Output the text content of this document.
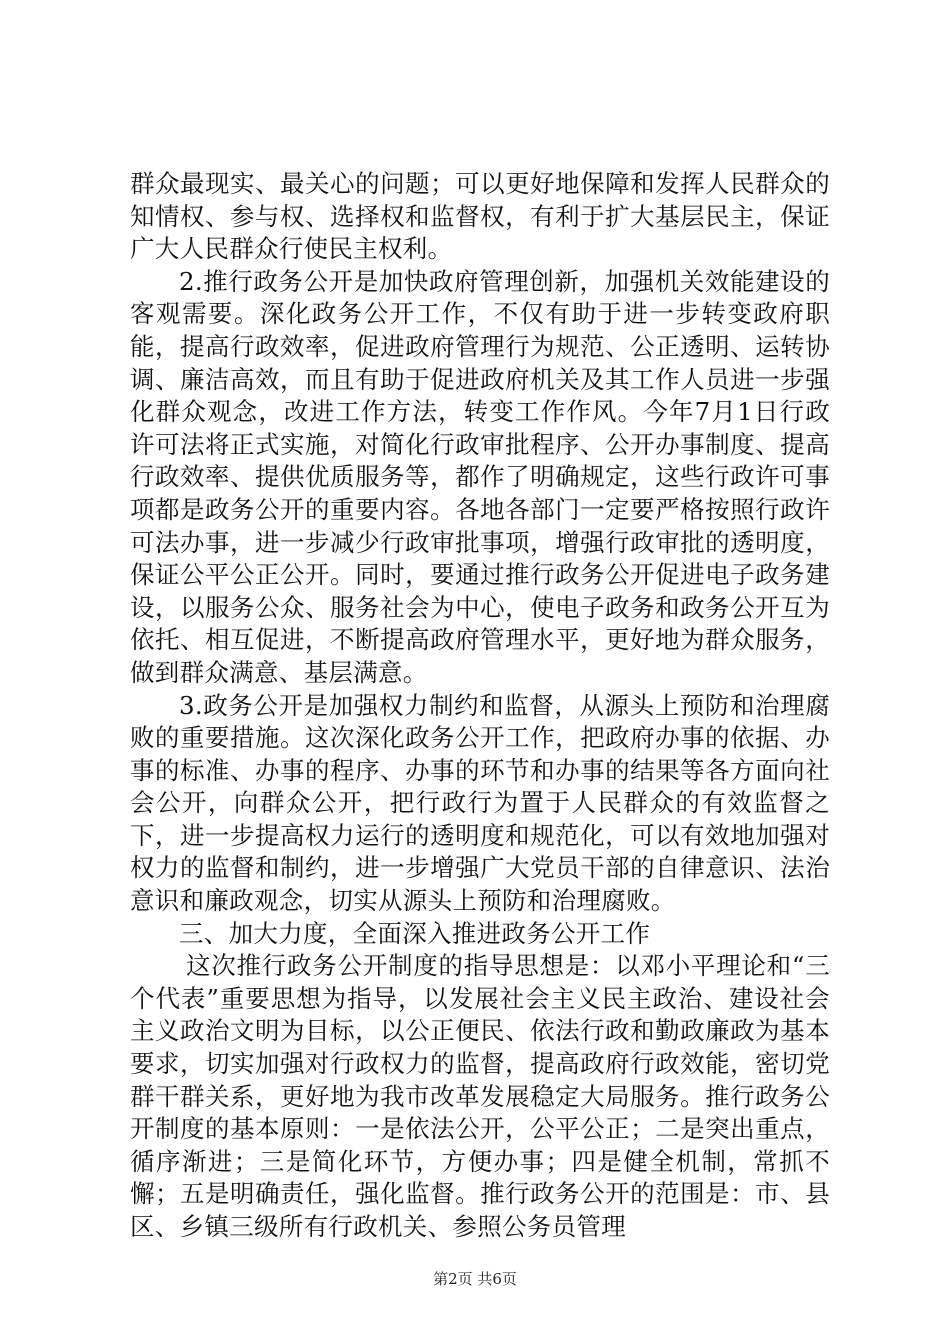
群众最现实、最关心的问题；可以更好地保障和发挥人民群众的知情权、参与权、选择权和监督权，有利于扩大基层民主，保证广大人民群众行使民主权利。

2.推行政务公开是加快政府管理创新，加强机关效能建设的客观需要。深化政务公开工作，不仅有助于进一步转变政府职能，提高行政效率，促进政府管理行为规范、公正透明、运转协调、廉洁高效，而且有助于促进政府机关及其工作人员进一步强化群众观念，改进工作方法，转变工作作风。今年7月1日行政许可法将正式实施，对简化行政审批程序、公开办事制度、提高行政效率、提供优质服务等，都作了明确规定，这些行政许可事项都是政务公开的重要内容。各地各部门一定要严格按照行政许可法办事，进一步减少行政审批事项，增强行政审批的透明度，保证公平公正公开。同时，要通过推行政务公开促进电子政务建设，以服务公众、服务社会为中心，使电子政务和政务公开互为依托、相互促进，不断提高政府管理水平，更好地为群众服务，做到群众满意、基层满意。

3.政务公开是加强权力制约和监督，从源头上预防和治理腐败的重要措施。这次深化政务公开工作，把政府办事的依据、办事的标准、办事的程序、办事的环节和办事的结果等各方面向社会公开，向群众公开，把行政行为置于人民群众的有效监督之下，进一步提高权力运行的透明度和规范化，可以有效地加强对权力的监督和制约，进一步增强广大党员干部的自律意识、法治意识和廉政观念，切实从源头上预防和治理腐败。

三、加大力度，全面深入推进政务公开工作

这次推行政务公开制度的指导思想是：以邓小平理论和“三个代表”重要思想为指导，以发展社会主义民主政治、建设社会主义政治文明为目标，以公正便民、依法行政和勤政廉政为基本要求，切实加强对行政权力的监督，提高政府行政效能，密切党群干群关系，更好地为我市改革发展稳定大局服务。推行政务公开制度的基本原则：一是依法公开，公平公正；二是突出重点，循序渐进；三是简化环节，方便办事；四是健全机制，常抓不懈；五是明确责任，强化监督。推行政务公开的范围是：市、县区、乡镇三级所有行政机关、参照公务员管理

第2页 共6页
